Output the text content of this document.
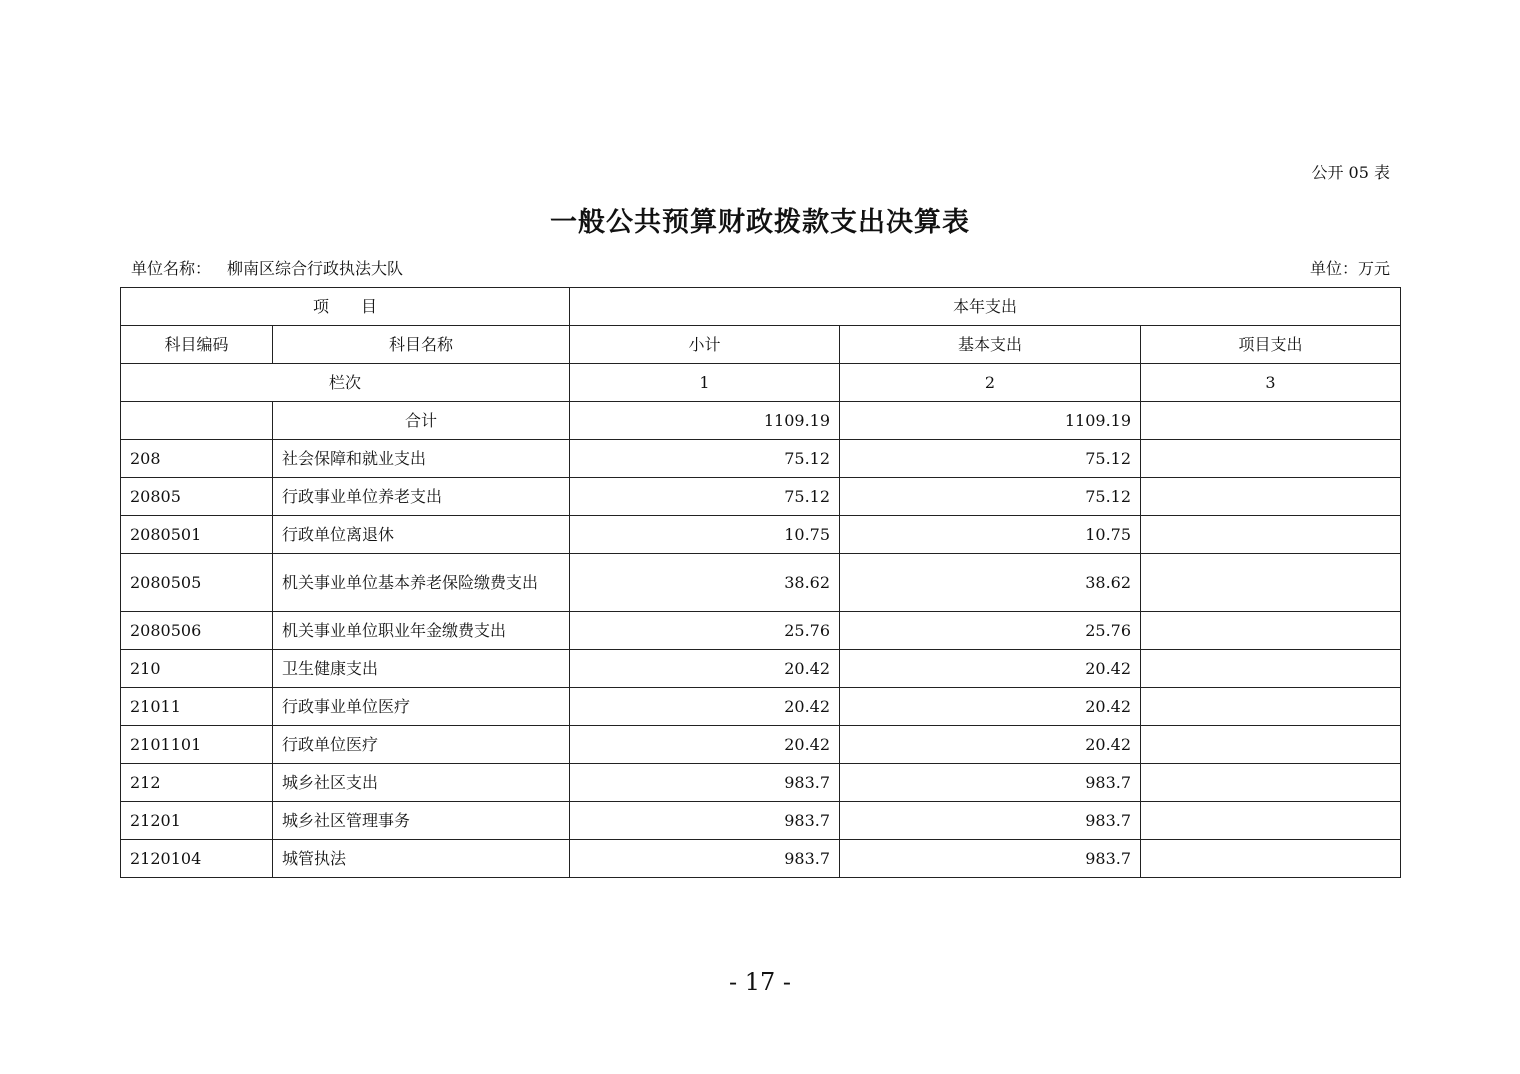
公开 05 表
一般公共预算财政拨款支出决算表
单位名称： 柳南区综合行政执法大队	单位：万元
项　　目		本年支出		
科目编码	科目名称	小计	基本支出	项目支出
栏次		1	2	3
	合计	1109.19	1109.19	
208	社会保障和就业支出	75.12	75.12	
20805	行政事业单位养老支出	75.12	75.12	
2080501	行政单位离退休	10.75	10.75	
2080505	机关事业单位基本养老保险缴费支出	38.62	38.62	
2080506	机关事业单位职业年金缴费支出	25.76	25.76	
210	卫生健康支出	20.42	20.42	
21011	行政事业单位医疗	20.42	20.42	
2101101	行政单位医疗	20.42	20.42	
212	城乡社区支出	983.7	983.7	
21201	城乡社区管理事务	983.7	983.7	
2120104	城管执法	983.7	983.7	
- 17 -
